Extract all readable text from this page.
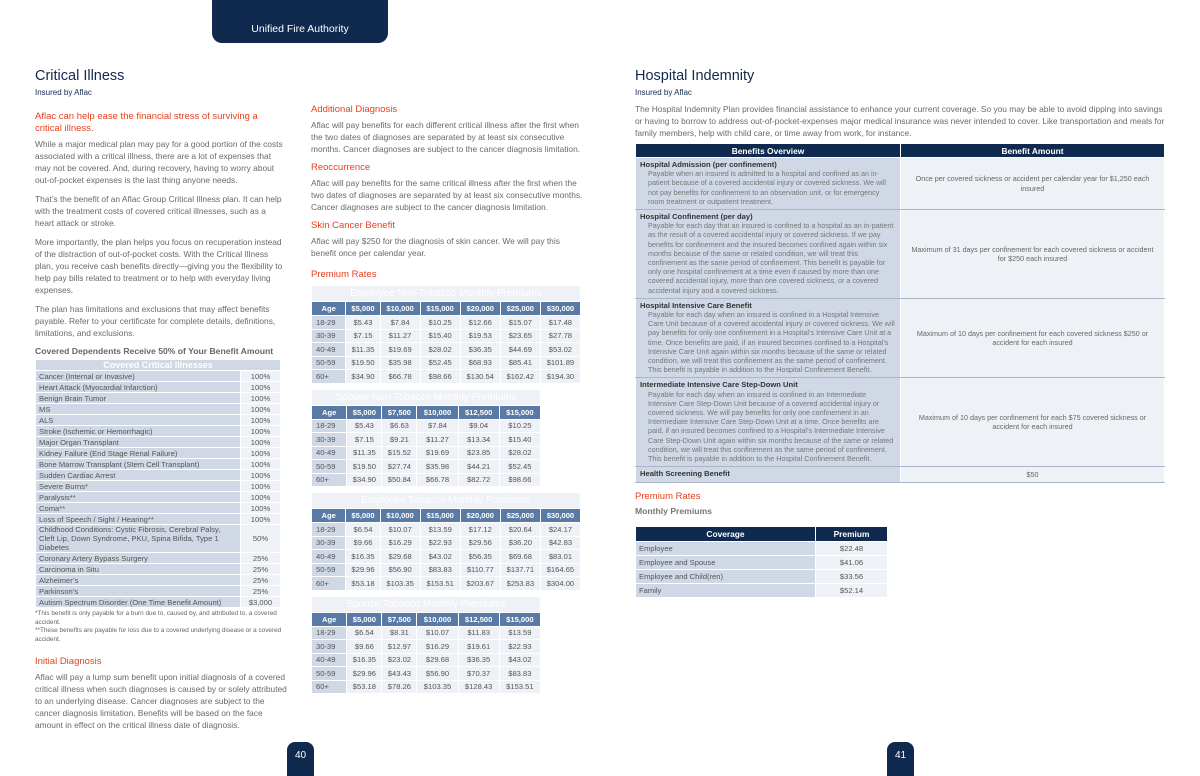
Unified Fire Authority
40	41
Critical Illness
Insured by Aflac
Aflac can help ease the financial stress of surviving a critical illness.

While a major medical plan may pay for a good portion of the costs associated with a critical illness, there are a lot of expenses that may not be covered. And, during recovery, having to worry about out-of-pocket expenses is the last thing anyone needs.

That’s the benefit of an Aflac Group Critical Illness plan. It can help with the treatment costs of covered critical illnesses, such as a heart attack or stroke.

More importantly, the plan helps you focus on recuperation instead of the distraction of out-of-pocket costs. With the Critical Illness plan, you receive cash benefits directly—giving you the flexibility to help pay bills related to treatment or to help with everyday living expenses.

The plan has limitations and exclusions that may affect benefits payable. Refer to your certificate for complete details, definitions, limitations, and exclusions.

Covered Dependents Receive 50% of Your Benefit Amount
Covered Critical Illnesses	
Cancer (Internal or Invasive)	100%
Heart Attack (Myocardial Infarction)	100%
Benign Brain Tumor	100%
MS	100%
ALS	100%
Stroke (Ischemic or Hemorrhagic)	100%
Major Organ Transplant	100%
Kidney Failure (End Stage Renal Failure)	100%
Bone Marrow Transplant (Stem Cell Transplant)	100%
Sudden Cardiac Arrest	100%
Severe Burns*	100%
Paralysis**	100%
Coma**	100%
Loss of Speech / Sight / Hearing**	100%
Childhood Conditions: Cystic Fibrosis, Cerebral Palsy, Cleft Lip, Down Syndrome, PKU, Spina Bifida, Type 1 Diabetes	50%
Coronary Artery Bypass Surgery	25%
Carcinoma in Situ	25%
Alzheimer’s	25%
Parkinson’s	25%
Autism Spectrum Disorder (One Time Benefit Amount)	$3,000
*This benefit is only payable for a burn due to, caused by, and attributed to, a covered accident.
**These benefits are payable for loss due to a covered underlying disease or a covered accident.
Initial Diagnosis

Aflac will pay a lump sum benefit upon initial diagnosis of a covered critical illness when such diagnoses is caused by or solely attributed to an underlying disease. Cancer diagnoses are subject to the cancer diagnosis limitation. Benefits will be based on the face amount in effect on the critical illness date of diagnosis.

Additional Diagnosis

Aflac will pay benefits for each different critical illness after the first when the two dates of diagnoses are separated by at least six consecutive months. Cancer diagnoses are subject to the cancer diagnosis limitation.

Reoccurrence

Aflac will pay benefits for the same critical illness after the first when the two dates of diagnoses are separated by at least six consecutive months. Cancer diagnoses are subject to the cancer diagnosis limitation.

Skin Cancer Benefit

Aflac will pay $250 for the diagnosis of skin cancer. We will pay this benefit once per calendar year.

Premium Rates
Employee Non-Tobacco Monthly Premiums						
Age	$5,000	$10,000	$15,000	$20,000	$25,000	$30,000
18-29	$5.43	$7.84	$10.25	$12.66	$15.07	$17.48
30-39	$7.15	$11.27	$15.40	$19.53	$23.65	$27.78
40-49	$11.35	$19.69	$28.02	$36.35	$44.69	$53.02
50-59	$19.50	$35.98	$52.45	$68.93	$85.41	$101.89
60+	$34.90	$66.78	$98.66	$130.54	$162.42	$194.30
Spouse Non-Tobacco Monthly Premiums					
Age	$5,000	$7,500	$10,000	$12,500	$15,000
18-29	$5.43	$6.63	$7.84	$9.04	$10.25
30-39	$7.15	$9.21	$11.27	$13.34	$15.40
40-49	$11.35	$15.52	$19.69	$23.85	$28.02
50-59	$19.50	$27.74	$35.98	$44.21	$52.45
60+	$34.90	$50.84	$66.78	$82.72	$98.66
Employee Tobacco Monthly Premiums						
Age	$5,000	$10,000	$15,000	$20,000	$25,000	$30,000
18-29	$6.54	$10.07	$13.59	$17.12	$20.64	$24.17
30-39	$9.66	$16.29	$22.93	$29.56	$36.20	$42.83
40-49	$16.35	$29.68	$43.02	$56.35	$69.68	$83.01
50-59	$29.96	$56.90	$83.83	$110.77	$137.71	$164.65
60+	$53.18	$103.35	$153.51	$203.67	$253.83	$304.00
Spouse Tobacco Monthly Premiums					
Age	$5,000	$7,500	$10,000	$12,500	$15,000
18-29	$6.54	$8.31	$10.07	$11.83	$13.59
30-39	$9.66	$12.97	$16.29	$19.61	$22.93
40-49	$16.35	$23.02	$29.68	$36.35	$43.02
50-59	$29.96	$43.43	$56.90	$70.37	$83.83
60+	$53.18	$78.26	$103.35	$128.43	$153.51
Hospital Indemnity
Insured by Aflac

The Hospital Indemnity Plan provides financial assistance to enhance your current coverage. So you may be able to avoid dipping into savings or having to borrow to address out-of-pocket-expenses major medical insurance was never intended to cover. Like transportation and meals for family members, help with child care, or time away from work, for instance.

Benefits Overview	Benefit Amount

Hospital Admission (per confinement)
Payable when an insured is admitted to a hospital and confined as an in-patient because of a covered accidental injury or covered sickness. We will not pay benefits for confinement to an observation unit, or for emergency room treatment or outpatient treatment.	Once per covered sickness or accident per calendar year for $1,250 each insured

Hospital Confinement (per day)
Payable for each day that an insured is confined to a hospital as an in-patient as the result of a covered accidental injury or covered sickness. If we pay benefits for confinement and the insured becomes confined again within six months because of the same or related condition, we will treat this confinement as the same period of confinement. This benefit is payable for only one hospital confinement at a time even if caused by more than one covered accidental injury, more than one covered sickness, or a covered accidental injury and a covered sickness.	Maximum of 31 days per confinement for each covered sickness or accident for $250 each insured

Hospital Intensive Care Benefit
Payable for each day when an insured is confined in a Hospital Intensive Care Unit because of a covered accidental injury or covered sickness. We will pay benefits for only one confinement in a Hospital’s Intensive Care Unit at a time. Once benefits are paid, if an insured becomes confined to a Hospital’s Intensive Care Unit again within six months because of the same or related condition, we will treat this confinement as the same period of confinement. This benefit is payable in addition to the Hospital Confinement Benefit.	Maximum of 10 days per confinement for each covered sickness $250 or accident for each insured

Intermediate Intensive Care Step-Down Unit
Payable for each day when an insured is confined in an Intermediate Intensive Care Step-Down Unit because of a covered accidental injury or covered sickness. We will pay benefits for only one confinement in an Intermediate Intensive Care Step-Down Unit at a time. Once benefits are paid, if an insured becomes confined to a Hospital’s Intermediate Intensive Care Step-Down Unit again within six months because of the same or related condition, we will treat this confinement as the same period of confinement. This benefit is payable in addition to the Hospital Confinement Benefit.	Maximum of 10 days per confinement for each $75 covered sickness or accident for each insured

Health Screening Benefit	$50
Premium Rates
Monthly Premiums
Coverage	Premium
Employee	$22.48
Employee and Spouse	$41.06
Employee and Child(ren)	$33.56
Family	$52.14
